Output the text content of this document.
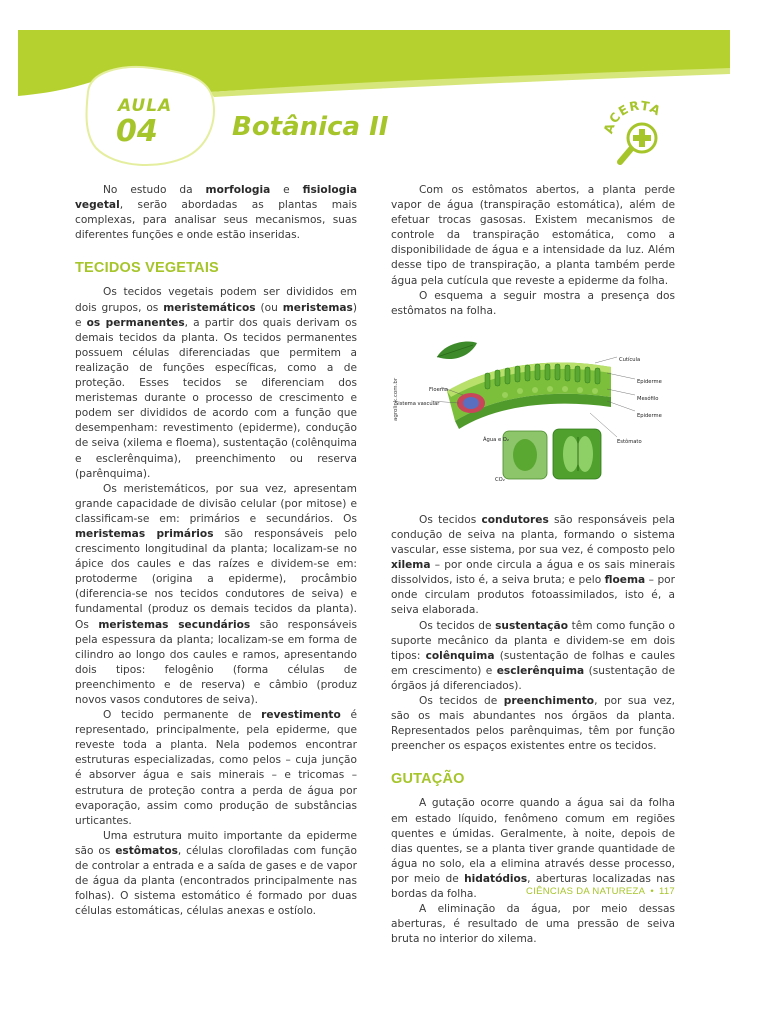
AULA
04	Botânica II	ACERTA

No estudo da morfologia e fisiologia vegetal, serão abordadas as plantas mais complexas, para analisar seus mecanismos, suas diferentes funções e onde estão inseridas.

TECIDOS VEGETAIS

Os tecidos vegetais podem ser divididos em dois grupos, os meristemáticos (ou meristemas) e os permanentes, a partir dos quais derivam os demais tecidos da planta. Os tecidos permanentes possuem células diferenciadas que permitem a realização de funções específicas, como a de proteção. Esses tecidos se diferenciam dos meristemas durante o processo de crescimento e podem ser divididos de acordo com a função que desempenham: revestimento (epiderme), condução de seiva (xilema e floema), sustentação (colênquima e esclerênquima), preenchimento ou reserva (parênquima).

Os meristemáticos, por sua vez, apresentam grande capacidade de divisão celular (por mitose) e classificam-se em: primários e secundários. Os meristemas primários são responsáveis pelo crescimento longitudinal da planta; localizam-se no ápice dos caules e das raízes e dividem-se em: protoderme (origina a epiderme), procâmbio (diferencia-se nos tecidos condutores de seiva) e fundamental (produz os demais tecidos da planta). Os meristemas secundários são responsáveis pela espessura da planta; localizam-se em forma de cilindro ao longo dos caules e ramos, apresentando dois tipos: felogênio (forma células de preenchimento e de reserva) e câmbio (produz novos vasos condutores de seiva).

O tecido permanente de revestimento é representado, principalmente, pela epiderme, que reveste toda a planta. Nela podemos encontrar estruturas especializadas, como pelos – cujа junção é absorver água e sais minerais – e tricomas – estrutura de proteção contra a perda de água por evaporação, assim como produção de substâncias urticantes.

Uma estrutura muito importante da epiderme são os estômatos, células clorofiladas com função de controlar a entrada e a saída de gases e de vapor de água da planta (encontrados principalmente nas folhas). O sistema estomático é formado por duas células estomáticas, células anexas e ostíolo.

Com os estômatos abertos, a planta perde vapor de água (transpiração estomática), além de efetuar trocas gasosas. Existem mecanismos de controle da transpiração estomática, como a disponibilidade de água e a intensidade da luz. Além desse tipo de transpiração, a planta também perde água pela cutícula que reveste a epiderme da folha.

O esquema a seguir mostra a presença dos estômatos na folha.

Cutícula
Epiderme
Mesófilo
Epiderme
Estômato
Floema
Sistema vascular
Água e O₂
CO₂
agrolink.com.br

Os tecidos condutores são responsáveis pela condução de seiva na planta, formando o sistema vascular, esse sistema, por sua vez, é composto pelo xilema – por onde circula a água e os sais minerais dissolvidos, isto é, a seiva bruta; e pelo floema – por onde circulam produtos fotoassimilados, isto é, a seiva elaborada.

Os tecidos de sustentação têm como função o suporte mecânico da planta e dividem-se em dois tipos: colênquima (sustentação de folhas e caules em crescimento) e esclerênquima (sustentação de órgãos já diferenciados).

Os tecidos de preenchimento, por sua vez, são os mais abundantes nos órgãos da planta. Representados pelos parênquimas, têm por função preencher os espaços existentes entre os tecidos.

GUTAÇÃO

A gutação ocorre quando a água sai da folha em estado líquido, fenômeno comum em regiões quentes e úmidas. Geralmente, à noite, depois de dias quentes, se a planta tiver grande quantidade de água no solo, ela a elimina através desse processo, por meio de hidatódios, aberturas localizadas nas bordas da folha.

A eliminação da água, por meio dessas aberturas, é resultado de uma pressão de seiva bruta no interior do xilema.

CIÊNCIAS DA NATUREZA • 117
